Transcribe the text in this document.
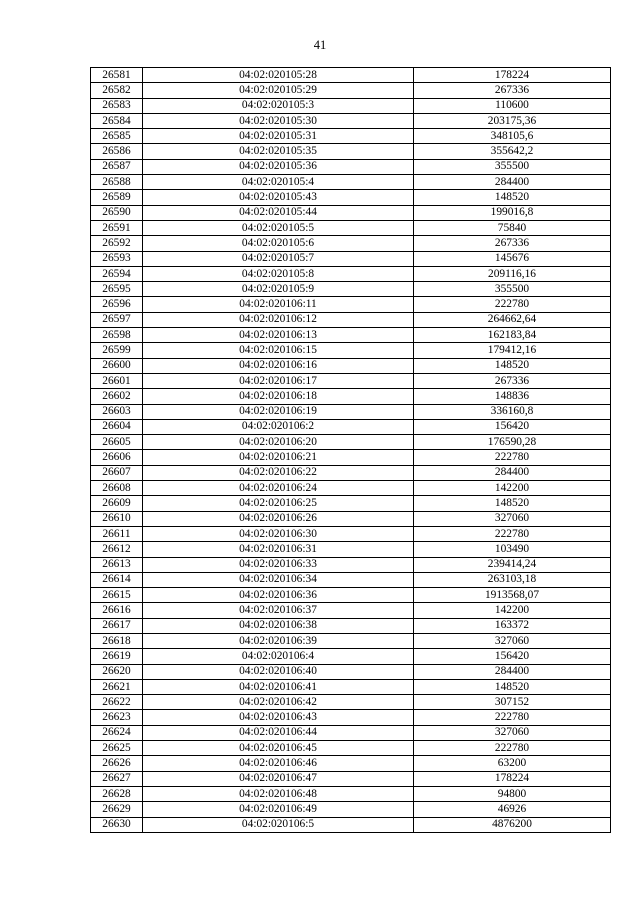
41
26581	04:02:020105:28	178224
26582	04:02:020105:29	267336
26583	04:02:020105:3	110600
26584	04:02:020105:30	203175,36
26585	04:02:020105:31	348105,6
26586	04:02:020105:35	355642,2
26587	04:02:020105:36	355500
26588	04:02:020105:4	284400
26589	04:02:020105:43	148520
26590	04:02:020105:44	199016,8
26591	04:02:020105:5	75840
26592	04:02:020105:6	267336
26593	04:02:020105:7	145676
26594	04:02:020105:8	209116,16
26595	04:02:020105:9	355500
26596	04:02:020106:11	222780
26597	04:02:020106:12	264662,64
26598	04:02:020106:13	162183,84
26599	04:02:020106:15	179412,16
26600	04:02:020106:16	148520
26601	04:02:020106:17	267336
26602	04:02:020106:18	148836
26603	04:02:020106:19	336160,8
26604	04:02:020106:2	156420
26605	04:02:020106:20	176590,28
26606	04:02:020106:21	222780
26607	04:02:020106:22	284400
26608	04:02:020106:24	142200
26609	04:02:020106:25	148520
26610	04:02:020106:26	327060
26611	04:02:020106:30	222780
26612	04:02:020106:31	103490
26613	04:02:020106:33	239414,24
26614	04:02:020106:34	263103,18
26615	04:02:020106:36	1913568,07
26616	04:02:020106:37	142200
26617	04:02:020106:38	163372
26618	04:02:020106:39	327060
26619	04:02:020106:4	156420
26620	04:02:020106:40	284400
26621	04:02:020106:41	148520
26622	04:02:020106:42	307152
26623	04:02:020106:43	222780
26624	04:02:020106:44	327060
26625	04:02:020106:45	222780
26626	04:02:020106:46	63200
26627	04:02:020106:47	178224
26628	04:02:020106:48	94800
26629	04:02:020106:49	46926
26630	04:02:020106:5	4876200
